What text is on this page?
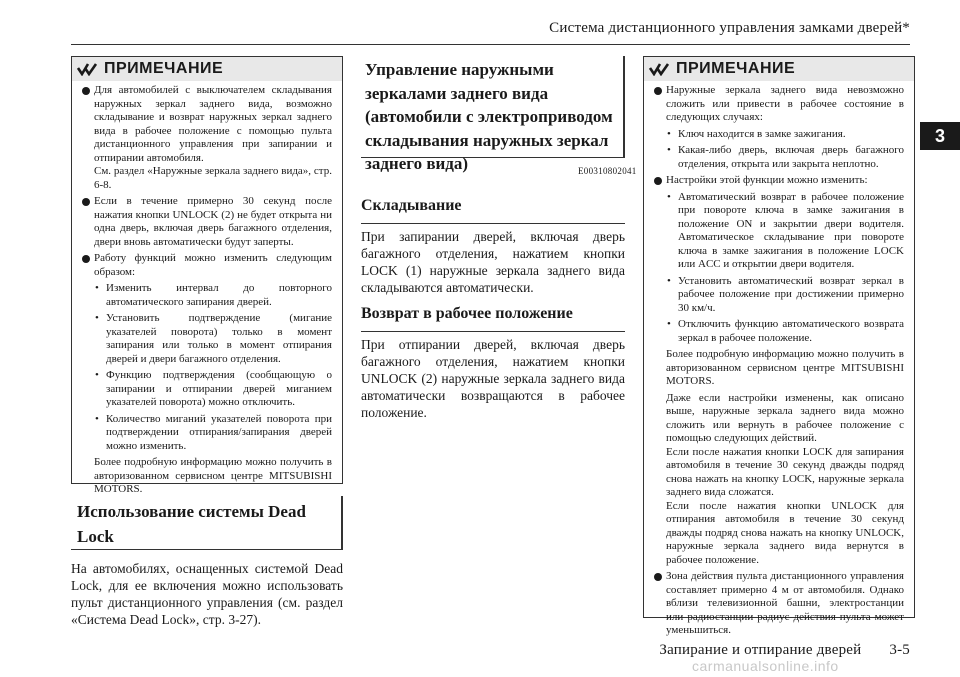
Система дистанционного управления замками дверей*
3
ПРИМЕЧАНИЕ
Для автомобилей с выключателем складывания наружных зеркал заднего вида, возможно складывание и возврат наружных зеркал заднего вида в рабочее положение с помощью пульта дистанционного управления при запирании и отпирании автомобиля.
См. раздел «Наружные зеркала заднего вида», стр. 6-8.
Если в течение примерно 30 секунд после нажатия кнопки UNLOCK (2) не будет открыта ни одна дверь, включая дверь багажного отделения, двери вновь автоматически будут заперты.
Работу функций можно изменить следующим образом:
• Изменить интервал до повторного автоматического запирания дверей.
• Установить подтверждение (мигание указателей поворота) только в момент запирания или только в момент отпирания дверей и двери багажного отделения.
• Функцию подтверждения (сообщающую о запирании и отпирании дверей миганием указателей поворота) можно отключить.
• Количество миганий указателей поворота при подтверждении отпирания/запирания дверей можно изменить.
Более подробную информацию можно получить в авторизованном сервисном центре MITSUBISHI MOTORS.
Использование системы Dead Lock
На автомобилях, оснащенных системой Dead Lock, для ее включения можно использовать пульт дистанционного управления (см. раздел «Система Dead Lock», стр. 3-27).
Управление наружными зеркалами заднего вида (автомобили с электроприводом складывания наружных зеркал заднего вида)	E00310802041
Складывание
При запирании дверей, включая дверь багажного отделения, нажатием кнопки LOCK (1) наружные зеркала заднего вида складываются автоматически.
Возврат в рабочее положение
При отпирании дверей, включая дверь багажного отделения, нажатием кнопки UNLOCK (2) наружные зеркала заднего вида автоматически возвращаются в рабочее положение.
ПРИМЕЧАНИЕ
Наружные зеркала заднего вида невозможно сложить или привести в рабочее состояние в следующих случаях:
• Ключ находится в замке зажигания.
• Какая-либо дверь, включая дверь багажного отделения, открыта или закрыта неплотно.
Настройки этой функции можно изменить:
• Автоматический возврат в рабочее положение при повороте ключа в замке зажигания в положение ON и закрытии двери водителя. Автоматическое складывание при повороте ключа в замке зажигания в положение LOCK или ACC и открытии двери водителя.
• Установить автоматический возврат зеркал в рабочее положение при достижении примерно 30 км/ч.
• Отключить функцию автоматического возврата зеркал в рабочее положение.
Более подробную информацию можно получить в авторизованном сервисном центре MITSUBISHI MOTORS.
Даже если настройки изменены, как описано выше, наружные зеркала заднего вида можно сложить или вернуть в рабочее положение с помощью следующих действий.
Если после нажатия кнопки LOCK для запирания автомобиля в течение 30 секунд дважды подряд снова нажать на кнопку LOCK, наружные зеркала заднего вида сложатся.
Если после нажатия кнопки UNLOCK для отпирания автомобиля в течение 30 секунд дважды подряд снова нажать на кнопку UNLOCK, наружные зеркала заднего вида вернутся в рабочее положение.
Зона действия пульта дистанционного управления составляет примерно 4 м от автомобиля. Однако вблизи телевизионной башни, электростанции или радиостанции радиус действия пульта может уменьшиться.
Запирание и отпирание дверей 3-5
carmanualsonline.info
